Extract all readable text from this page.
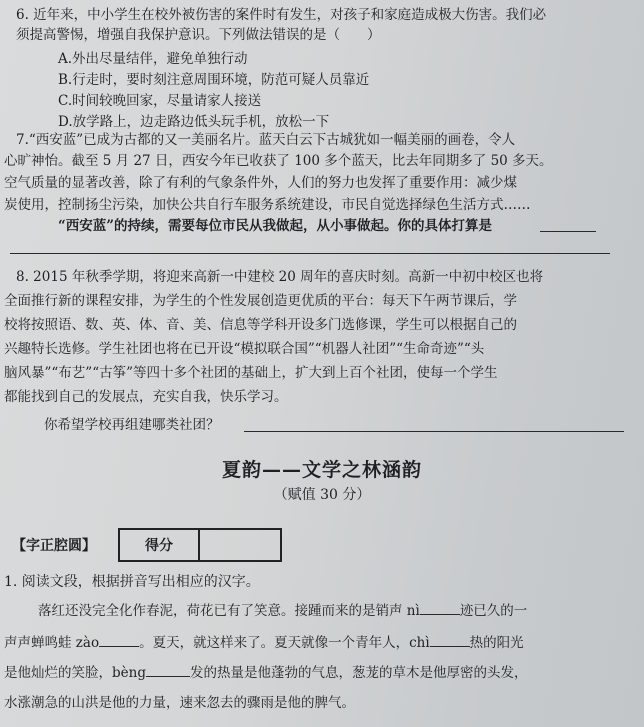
6. 近年来，中小学生在校外被伤害的案件时有发生，对孩子和家庭造成极大伤害。我们必
须提高警惕，增强自我保护意识。下列做法错误的是（　　）
A.外出尽量结伴，避免单独行动
B.行走时，要时刻注意周围环境，防范可疑人员靠近
C.时间较晚回家，尽量请家人接送
D.放学路上，边走路边低头玩手机，放松一下
7.“西安蓝”已成为古都的又一美丽名片。蓝天白云下古城犹如一幅美丽的画卷，令人
心旷神怡。截至 5 月 27 日，西安今年已收获了 100 多个蓝天，比去年同期多了 50 多天。
空气质量的显著改善，除了有利的气象条件外，人们的努力也发挥了重要作用：减少煤
炭使用，控制扬尘污染，加快公共自行车服务系统建设，市民自觉选择绿色生活方式……
“西安蓝”的持续，需要每位市民从我做起，从小事做起。你的具体打算是
8. 2015 年秋季学期，将迎来高新一中建校 20 周年的喜庆时刻。高新一中初中校区也将
全面推行新的课程安排，为学生的个性发展创造更优质的平台：每天下午两节课后，学
校将按照语、数、英、体、音、美、信息等学科开设多门选修课，学生可以根据自己的
兴趣特长选修。学生社团也将在已开设“模拟联合国”“机器人社团”“生命奇迹”“头
脑风暴”“布艺”“古筝”等四十多个社团的基础上，扩大到上百个社团，使每一个学生
都能找到自己的发展点，充实自我，快乐学习。
你希望学校再组建哪类社团？
夏韵——文学之林涵韵
（赋值 30 分）
【字正腔圆】	得分
1. 阅读文段，根据拼音写出相应的汉字。
落红还没完全化作春泥，荷花已有了笑意。接踵而来的是销声 nì	迹已久的一
声声蝉鸣蛙 zào	。夏天，就这样来了。夏天就像一个青年人，chì	热的阳光
是他灿烂的笑脸，bèng	发的热量是他蓬勃的气息，葱茏的草木是他厚密的头发，
水涨潮急的山洪是他的力量，速来忽去的骤雨是他的脾气。
